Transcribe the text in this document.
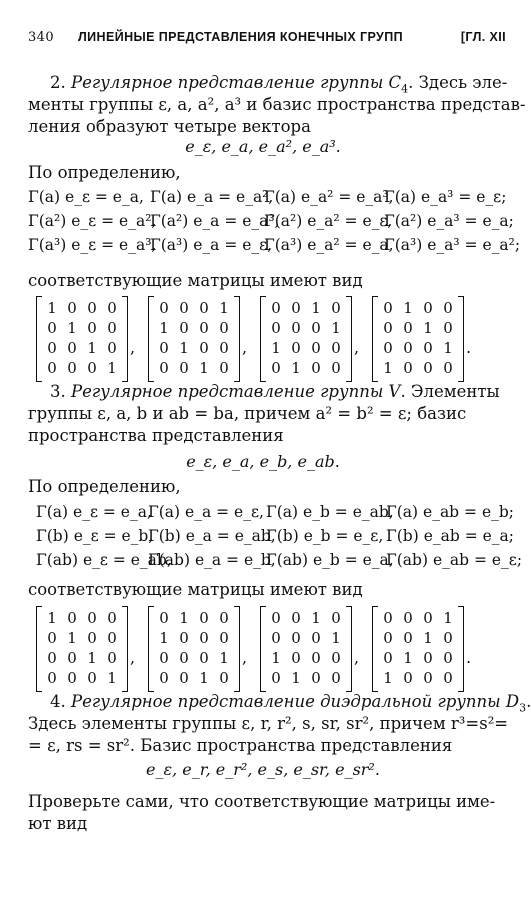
340 ЛИНЕЙНЫЕ ПРЕДСТАВЛЕНИЯ КОНЕЧНЫХ ГРУПП	[ГЛ. XII
2. Регулярное представление группы $C_4$. Здесь эле-
менты группы ε, a, a², a³ и базис пространства представ-
ления образуют четыре вектора
e_ε, e_a, e_a², e_a³.
По определению,
Γ(a) e_ε = e_a, Γ(a) e_a = e_a²,
Γ(a) e_a² = e_a³,
Γ(a) e_a³ = e_ε;
Γ(a²) e_ε = e_a²,
Γ(a²) e_a = e_a³,
Γ(a²) e_a² = e_ε,
Γ(a²) e_a³ = e_a;
Γ(a³) e_ε = e_a³,
Γ(a³) e_a = e_ε,
Γ(a³) e_a² = e_a,
Γ(a³) e_a³ = e_a²;
соответствующие матрицы имеют вид
1	0	0	0
0	1	0	0
0	0	1	0
0	0	0	1
,
0	0	0	1
1	0	0	0
0	1	0	0
0	0	1	0
,
0	0	1	0
0	0	0	1
1	0	0	0
0	1	0	0
,
0	1	0	0
0	0	1	0
0	0	0	1
1	0	0	0
.
3. Регулярное представление группы V. Элементы
группы ε, a, b и ab = ba, причем a² = b² = ε; базис
пространства представления
e_ε, e_a, e_b, e_ab.
По определению,
Γ(a) e_ε = e_a,
Γ(a) e_a = e_ε, Γ(a) e_b = e_ab,
Γ(a) e_ab = e_b;
Γ(b) e_ε = e_b,
Γ(b) e_a = e_ab,
Γ(b) e_b = e_ε, Γ(b) e_ab = e_a;
Γ(ab) e_ε = e_ab,
Γ(ab) e_a = e_b,
Γ(ab) e_b = e_a,
Γ(ab) e_ab = e_ε;
соответствующие матрицы имеют вид
1	0	0	0
0	1	0	0
0	0	1	0
0	0	0	1
,
0	1	0	0
1	0	0	0
0	0	0	1
0	0	1	0
,
0	0	1	0
0	0	0	1
1	0	0	0
0	1	0	0
,
0	0	0	1
0	0	1	0
0	1	0	0
1	0	0	0
.
4. Регулярное представление диэдральной группы $D_3$.
Здесь элементы группы ε, r, r², s, sr, sr², причем r³=s²=
= ε, rs = sr². Базис пространства представления
e_ε, e_r, e_r², e_s, e_sr, e_sr².
Проверьте сами, что соответствующие матрицы име-
ют вид
